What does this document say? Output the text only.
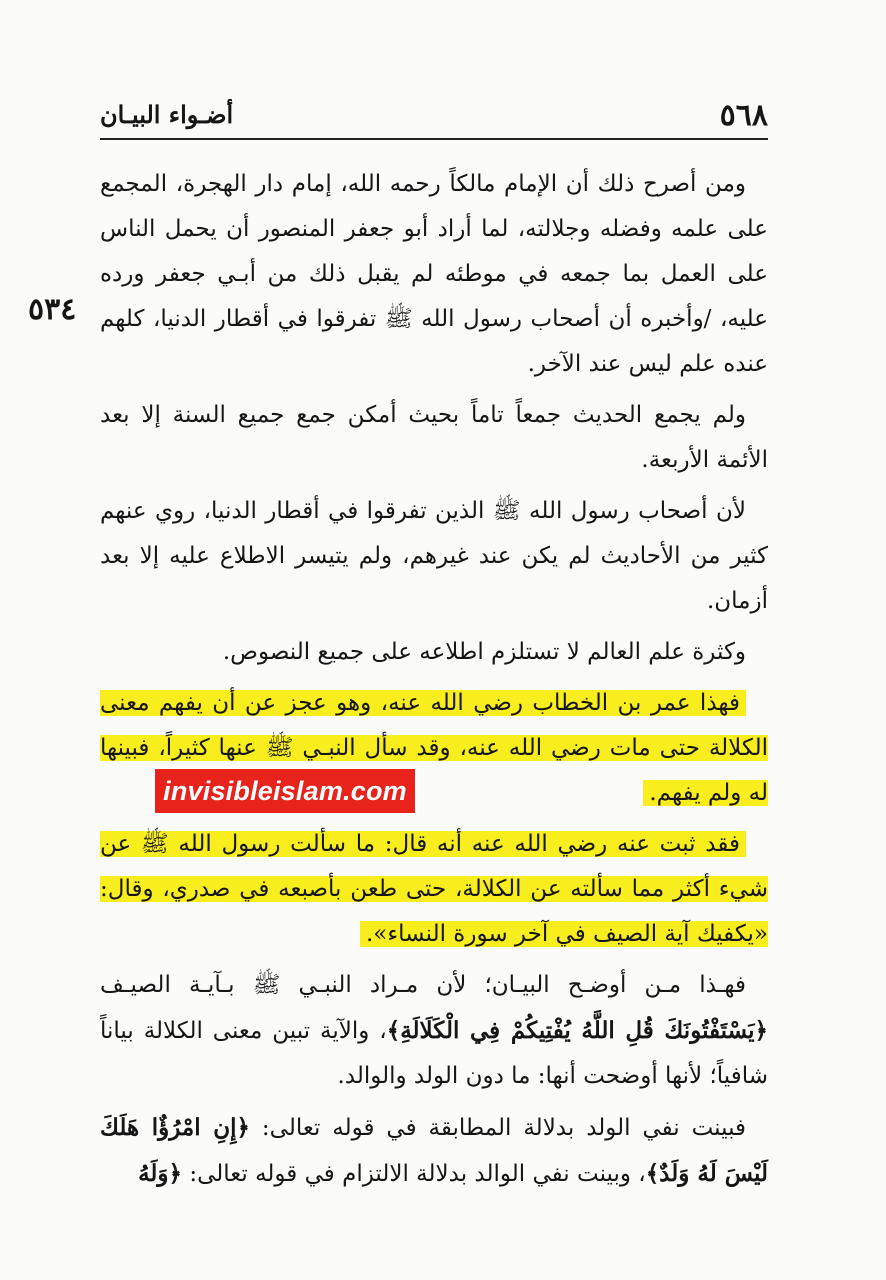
٥٦٨
أضـواء البيـان
٥٣٤

ومن أصرح ذلك أن الإمام مالكاً رحمه الله، إمام دار الهجرة، المجمع على علمه وفضله وجلالته، لما أراد أبو جعفر المنصور أن يحمل الناس على العمل بما جمعه في موطئه لم يقبل ذلك من أبـي جعفر ورده عليه، /وأخبره أن أصحاب رسول الله ﷺ تفرقوا في أقطار الدنيا، كلهم عنده علم ليس عند الآخر.

ولم يجمع الحديث جمعاً تاماً بحيث أمكن جمع جميع السنة إلا بعد الأئمة الأربعة.

لأن أصحاب رسول الله ﷺ الذين تفرقوا في أقطار الدنيا، روي عنهم كثير من الأحاديث لم يكن عند غيرهم، ولم يتيسر الاطلاع عليه إلا بعد أزمان.

وكثرة علم العالم لا تستلزم اطلاعه على جميع النصوص.

فهذا عمر بن الخطاب رضي الله عنه، وهو عجز عن أن يفهم معنى الكلالة حتى مات رضي الله عنه، وقد سأل النبـي ﷺ عنها كثيراً، فبينها له ولم يفهم.

فقد ثبت عنه رضي الله عنه أنه قال: ما سألت رسول الله ﷺ عن شيء أكثر مما سألته عن الكلالة، حتى طعن بأصبعه في صدري، وقال: «يكفيك آية الصيف في آخر سورة النساء».

فهـذا مـن أوضـح البيـان؛ لأن مـراد النبـي ﷺ بـآيـة الصيـف ﴿يَسْتَفْتُونَكَ قُلِ اللَّهُ يُفْتِيكُمْ فِي الْكَلَالَةِ﴾، والآية تبين معنى الكلالة بياناً شافياً؛ لأنها أوضحت أنها: ما دون الولد والوالد.

فبينت نفي الولد بدلالة المطابقة في قوله تعالى: ﴿إِنِ امْرُؤٌا هَلَكَ لَيْسَ لَهُ وَلَدٌ﴾، وبينت نفي الوالد بدلالة الالتزام في قوله تعالى: ﴿وَلَهُ

invisibleislam.com
